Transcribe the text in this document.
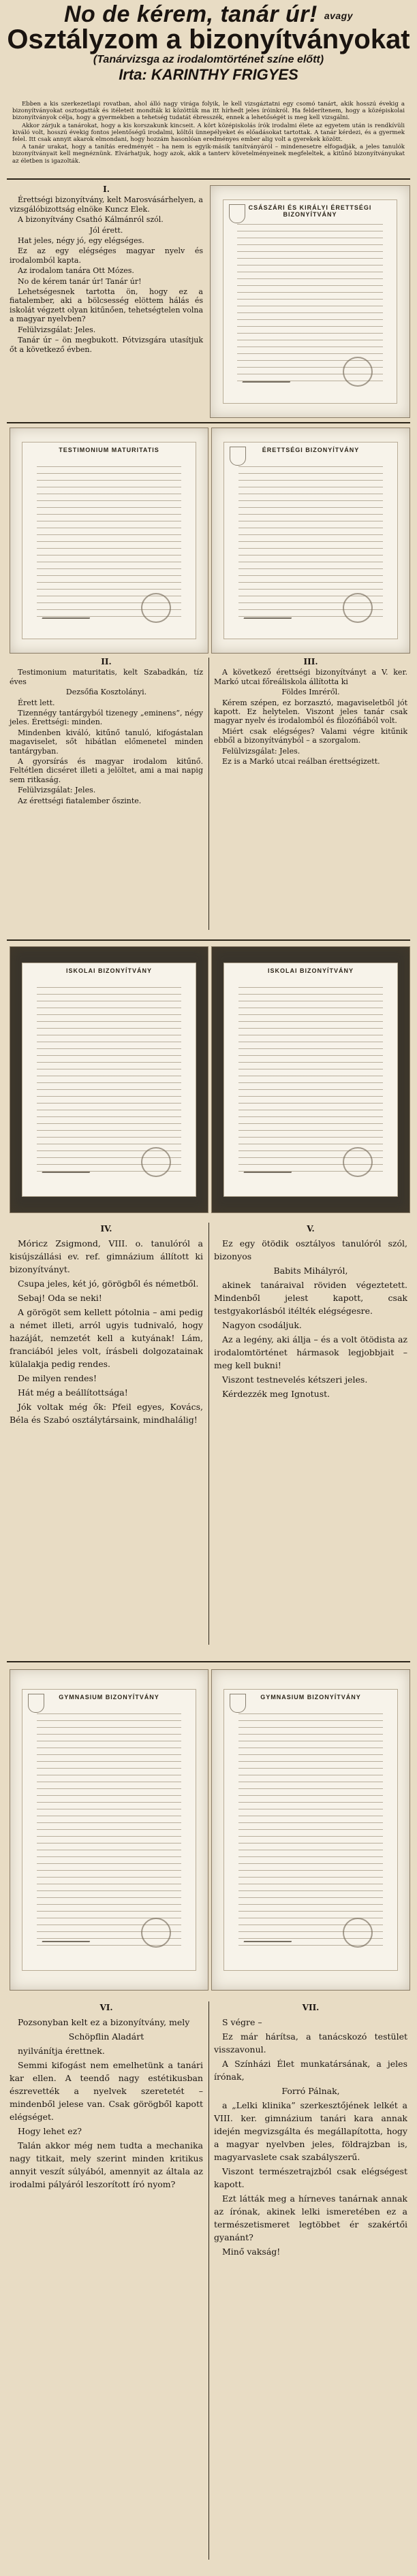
No de kérem, tanár úr! avagy
Osztályzom a bizonyítványokat
(Tanárvizsga az irodalomtörténet színe előtt)
Irta: KARINTHY FRIGYES

Ebben a kis szerkezetlapi rovatban, ahol álló nagy virága folyik, le kell vizsgáztatni egy csomó tanárt, akik hosszú évekig a bizonyítványokat osztogatták és itéleteit mondták ki közöttük ma itt hírhedt jeles íróinkról. Ha felderítenem, hogy a középiskolai bizonyítványok célja, hogy a gyermekben a tehetség tudatát ébresszék, ennek a lehetőségét is meg kell vizsgálni.

Akkor zárjuk a tanárokat, hogy a kis korszakunk kincseit. A kört középiskolás írók irodalmi élete az egyetem után is rendkívüli kiváló volt, hosszú évekig fontos jelentőségű irodalmi, költői ünnepélyeket és előadásokat tartottak. A tanár kérdezi, és a gyermek felel. Itt csak annyit akarok elmondani, hogy hozzám hasonlóan eredményes ember alig volt a gyerekek között.

A tanár urakat, hogy a tanítás eredményét – ha nem is egyik-másik tanítványáról – mindenesetre elfogadják, a jeles tanulók bizonyítványait kell megnéznünk. Elvárhatjuk, hogy azok, akik a tanterv követelményeinek megfeleltek, a kitűnő bizonyítványukat az életben is igazolták.

I.

Érettségi bizonyítvány, kelt Marosvásárhelyen, a vizsgálóbizottság elnöke Kuncz Elek.

A bizonyítvány Csathó Kálmánról szól.

Jól érett.

Hat jeles, négy jó, egy elégséges.

Ez az egy elégséges magyar nyelv és irodalomból kapta.

Az irodalom tanára Ott Mózes.

No de kérem tanár úr! Tanár úr!

Lehetségesnek tartotta ön, hogy ez a fiatalember, aki a bölcsesség elöttem hálás és iskolát végzett olyan kitűnően, tehetségtelen volna a magyar nyelvben?

Felülvizsgálat: Jeles.

Tanár úr – ön megbukott. Pótvizsgára utasítjuk őt a következő évben.

CSÁSZÁRI ÉS KIRÁLYI ÉRETTSÉGI BIZONYÍTVÁNY
TESTIMONIUM MATURITATIS	ÉRETTSÉGI BIZONYÍTVÁNY
II.

Testimonium maturitatis, kelt Szabadkán, tíz éves

Dezsőfia Kosztolányi.

Érett lett.

Tizennégy tantárgyból tizenegy „eminens”, négy jeles. Érettségi: minden.

Mindenben kiváló, kitűnő tanuló, kifogástalan magaviselet, sőt hibátlan előmenetel minden tantárgyban.

A gyorsírás és magyar irodalom kitűnő. Feltétlen dicséret illeti a jelöltet, ami a mai napig sem ritkaság.

Felülvizsgálat: Jeles.

Az érettségi fiatalember őszinte.

III.

A következő érettségi bizonyítványt a V. ker. Markó utcai főreáliskola állította ki

Földes Imréről.

Kérem szépen, ez borzasztó, magaviseletből jót kapott. Ez helytelen. Viszont jeles tanár csak magyar nyelv és irodalomból és filozófiából volt.

Miért csak elégséges? Valami végre kitűnik ebből a bizonyítványból – a szorgalom.

Felülvizsgálat: Jeles.

Ez is a Markó utcai reálban érettségizett.

ISKOLAI BIZONYÍTVÁNY	ISKOLAI BIZONYÍTVÁNY
IV.

Móricz Zsigmond, VIII. o. tanulóról a kisújszállási ev. ref. gimnázium állított ki bizonyítványt.

Csupa jeles, két jó, görögből és németből.

Sebaj! Oda se neki!

A görögöt sem kellett pótolnia – ami pedig a német illeti, arról ugyis tudnivaló, hogy hazáját, nemzetét kell a kutyának! Lám, franciából jeles volt, írásbeli dolgozatainak külalakja pedig rendes.

De milyen rendes!

Hát még a beállítottsága!

Jók voltak még ők: Pfeil egyes, Kovács, Béla és Szabó osztálytársaink, mindhalálig!

V.

Ez egy ötödik osztályos tanulóról szól, bizonyos

Babits Mihályról,

akinek tanáraival röviden végeztetett. Mindenből jelest kapott, csak testgyakorlásból itélték elégségesre.

Nagyon csodáljuk.

Az a legény, aki állja – és a volt ötödista az irodalomtörténet hármasok legjobbjait – meg kell bukni!

Viszont testnevelés kétszeri jeles.

Kérdezzék meg Ignotust.

GYMNASIUM BIZONYÍTVÁNY	GYMNASIUM BIZONYÍTVÁNY
VI.

Pozsonyban kelt ez a bizonyítvány, mely

Schöpflin Aladárt

nyilvánítja érettnek.

Semmi kifogást nem emelhetünk a tanári kar ellen. A teendő nagy estétikusban észrevették a nyelvek szeretetét – mindenből jelese van. Csak görögből kapott elégséget.

Hogy lehet ez?

Talán akkor még nem tudta a mechanika nagy titkait, mely szerint minden kritikus annyit veszít súlyából, amennyit az általa az irodalmi pályáról leszorított író nyom?

VII.

S végre –

Ez már hárítsa, a tanácskozó testület visszavonul.

A Színházi Élet munkatársának, a jeles írónak,

Forró Pálnak,

a „Lelki klinika” szerkesztőjének lelkét a VIII. ker. gimnázium tanári kara annak idején megvizsgálta és megállapította, hogy a magyar nyelvben jeles, földrajzban is, magyarvaslete csak szabályszerű.

Viszont természetrajzból csak elégségest kapott.

Ezt látták meg a hírneves tanárnak annak az írónak, akinek lelki ismeretében ez a természetismeret legtöbbet ér szakértői gyanánt?

Minő vakság!
